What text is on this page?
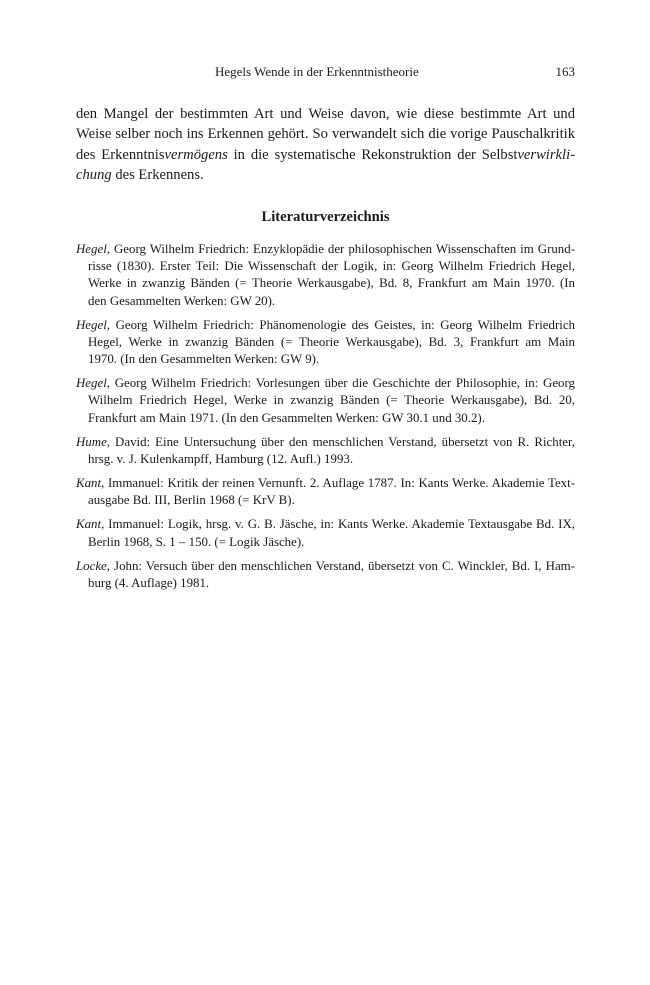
Hegels Wende in der Erkenntnistheorie	163

den Mangel der bestimmten Art und Weise davon, wie diese bestimmte Art und
Weise selber noch ins Erkennen gehört. So verwandelt sich die vorige Pauschalkritik
des Erkenntnisvermögens in die systematische Rekonstruktion der Selbstverwirkli-
chung des Erkennens.

Literaturverzeichnis
Hegel, Georg Wilhelm Friedrich: Enzyklopädie der philosophischen Wissenschaften im Grund-
risse (1830). Erster Teil: Die Wissenschaft der Logik, in: Georg Wilhelm Friedrich Hegel,
Werke in zwanzig Bänden (= Theorie Werkausgabe), Bd. 8, Frankfurt am Main 1970. (In
den Gesammelten Werken: GW 20).
Hegel, Georg Wilhelm Friedrich: Phänomenologie des Geistes, in: Georg Wilhelm Friedrich
Hegel, Werke in zwanzig Bänden (= Theorie Werkausgabe), Bd. 3, Frankfurt am Main
1970. (In den Gesammelten Werken: GW 9).
Hegel, Georg Wilhelm Friedrich: Vorlesungen über die Geschichte der Philosophie, in: Georg
Wilhelm Friedrich Hegel, Werke in zwanzig Bänden (= Theorie Werkausgabe), Bd. 20,
Frankfurt am Main 1971. (In den Gesammelten Werken: GW 30.1 und 30.2).
Hume, David: Eine Untersuchung über den menschlichen Verstand, übersetzt von R. Richter,
hrsg. v. J. Kulenkampff, Hamburg (12. Aufl.) 1993.
Kant, Immanuel: Kritik der reinen Vernunft. 2. Auflage 1787. In: Kants Werke. Akademie Text-
ausgabe Bd. III, Berlin 1968 (= KrV B).
Kant, Immanuel: Logik, hrsg. v. G. B. Jäsche, in: Kants Werke. Akademie Textausgabe Bd. IX,
Berlin 1968, S. 1 – 150. (= Logik Jäsche).
Locke, John: Versuch über den menschlichen Verstand, übersetzt von C. Winckler, Bd. I, Ham-
burg (4. Auflage) 1981.
